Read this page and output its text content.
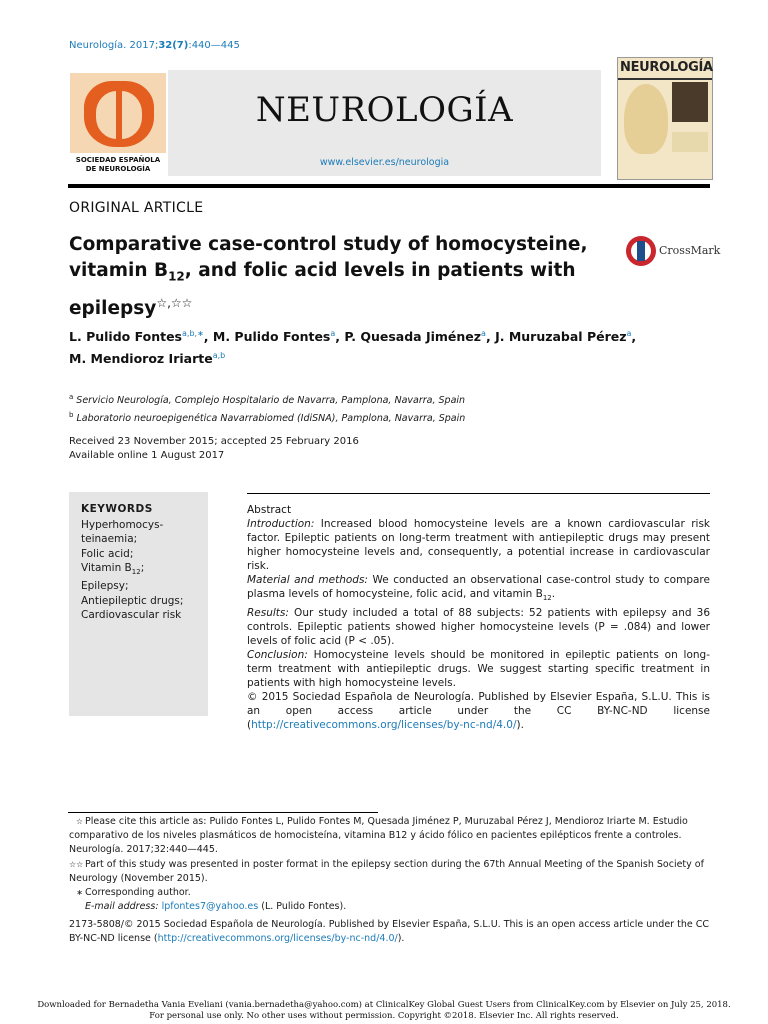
Neurología. 2017;32(7):440—445
SOCIEDAD ESPAÑOLA
DE NEUROLOGÍA
NEUROLOGÍA
www.elsevier.es/neurologia
NEUROLOGÍA
ORIGINAL ARTICLE
Comparative case-control study of homocysteine, vitamin $B_{12}$, and folic acid levels in patients with epilepsy☆,☆☆
CrossMark
L. Pulido Fontes$^{a,b,∗}$, M. Pulido Fontes$^a$, P. Quesada Jiménez$^a$, J. Muruzabal Pérez$^a$,
M. Mendioroz Iriarte$^{a,b}$
$^a$ Servicio Neurología, Complejo Hospitalario de Navarra, Pamplona, Navarra, Spain
$^b$ Laboratorio neuroepigenética Navarrabiomed (IdiSNA), Pamplona, Navarra, Spain
Received 23 November 2015; accepted 25 February 2016
Available online 1 August 2017
KEYWORDS
Hyperhomocys-
teinaemia;
Folic acid;
Vitamin $B_{12}$;
Epilepsy;
Antiepileptic drugs;
Cardiovascular risk
Abstract

Introduction: Increased blood homocysteine levels are a known cardiovascular risk factor. Epileptic patients on long-term treatment with antiepileptic drugs may present higher homocysteine levels and, consequently, a potential increase in cardiovascular risk.

Material and methods: We conducted an observational case-control study to compare plasma levels of homocysteine, folic acid, and vitamin $B_{12}$.

Results: Our study included a total of 88 subjects: 52 patients with epilepsy and 36 controls. Epileptic patients showed higher homocysteine levels (P = .084) and lower levels of folic acid (P < .05).

Conclusion: Homocysteine levels should be monitored in epileptic patients on long-term treatment with antiepileptic drugs. We suggest starting specific treatment in patients with high homocysteine levels.

© 2015 Sociedad Española de Neurología. Published by Elsevier España, S.L.U. This is an open access article under the CC BY-NC-ND license (http://creativecommons.org/licenses/by-nc-nd/4.0/).

☆ Please cite this article as: Pulido Fontes L, Pulido Fontes M, Quesada Jiménez P, Muruzabal Pérez J, Mendioroz Iriarte M. Estudio comparativo de los niveles plasmáticos de homocisteína, vitamina B12 y ácido fólico en pacientes epilépticos frente a controles. Neurología. 2017;32:440—445.

☆☆ Part of this study was presented in poster format in the epilepsy section during the 67th Annual Meeting of the Spanish Society of Neurology (November 2015).

∗ Corresponding author.

E-mail address: lpfontes7@yahoo.es (L. Pulido Fontes).

2173-5808/© 2015 Sociedad Española de Neurología. Published by Elsevier España, S.L.U. This is an open access article under the CC BY-NC-ND license (http://creativecommons.org/licenses/by-nc-nd/4.0/).
Downloaded for Bernadetha Vania Eveliani (vania.bernadetha@yahoo.com) at ClinicalKey Global Guest Users from ClinicalKey.com by Elsevier on July 25, 2018.
For personal use only. No other uses without permission. Copyright ©2018. Elsevier Inc. All rights reserved.
